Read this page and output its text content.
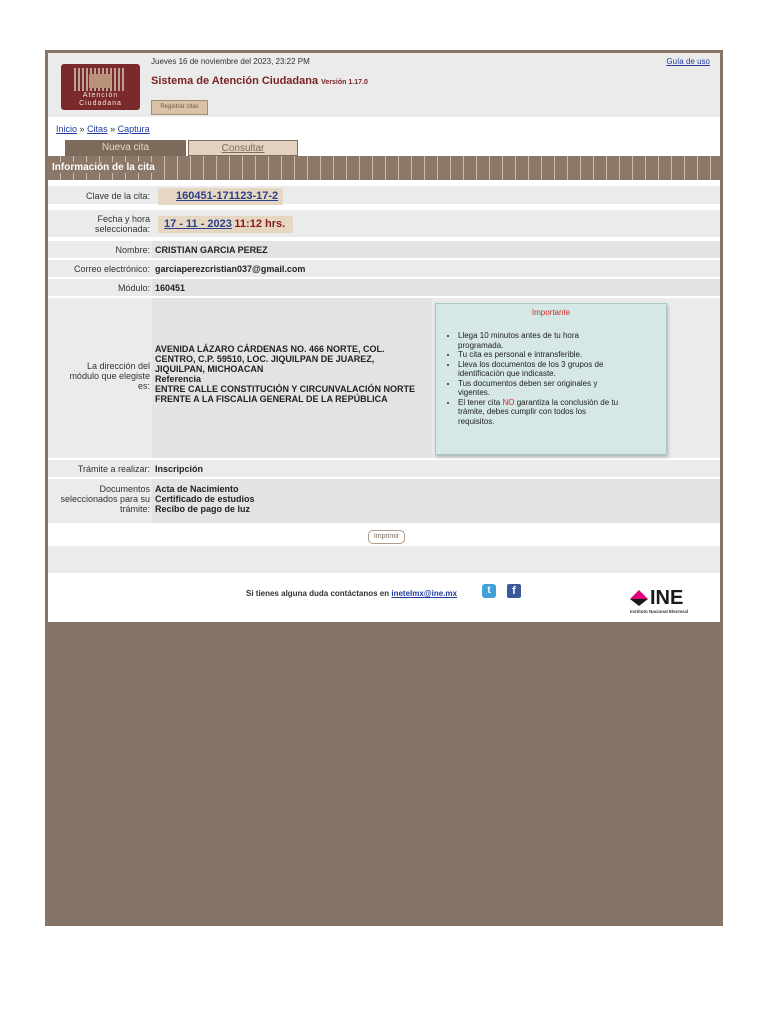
Atención
Ciudadana
Jueves 16 de noviembre del 2023, 23:22 PM	Guía de uso
Sistema de Atención Ciudadana Versión 1.17.0
Registrar citas
Inicio » Citas » Captura
Nueva cita	Consultar
Información de la cita
Clave de la cita: 160451-171123-17-2
Fecha y hora
seleccionada: 17 - 11 - 2023 11:12 hrs.
Nombre: CRISTIAN GARCIA PEREZ
Correo electrónico: garciaperezcristian037@gmail.com
Módulo: 160451
La dirección del
módulo que elegiste
es:
AVENIDA LÁZARO CÁRDENAS NO. 466 NORTE, COL.
CENTRO, C.P. 59510, LOC. JIQUILPAN DE JUAREZ,
JIQUILPAN, MICHOACAN
Referencia
ENTRE CALLE CONSTITUCIÓN Y CIRCUNVALACIÓN NORTE
FRENTE A LA FISCALIA GENERAL DE LA REPÚBLICA
Importante
• Llega 10 minutos antes de tu hora
programada.
• Tu cita es personal e intransferible.
• Lleva los documentos de los 3 grupos de
identificación que indicaste.
• Tus documentos deben ser originales y
vigentes.
• El tener cita NO garantiza la conclusión de tu
trámite, debes cumplir con todos los
requisitos.
Trámite a realizar: Inscripción
Documentos
seleccionados para su
trámite:
Acta de Nacimiento
Certificado de estudios
Recibo de pago de luz
Imprimir
Si tienes alguna duda contáctanos en inetelmx@ine.mx	t	f	INE
Instituto Nacional Electoral
